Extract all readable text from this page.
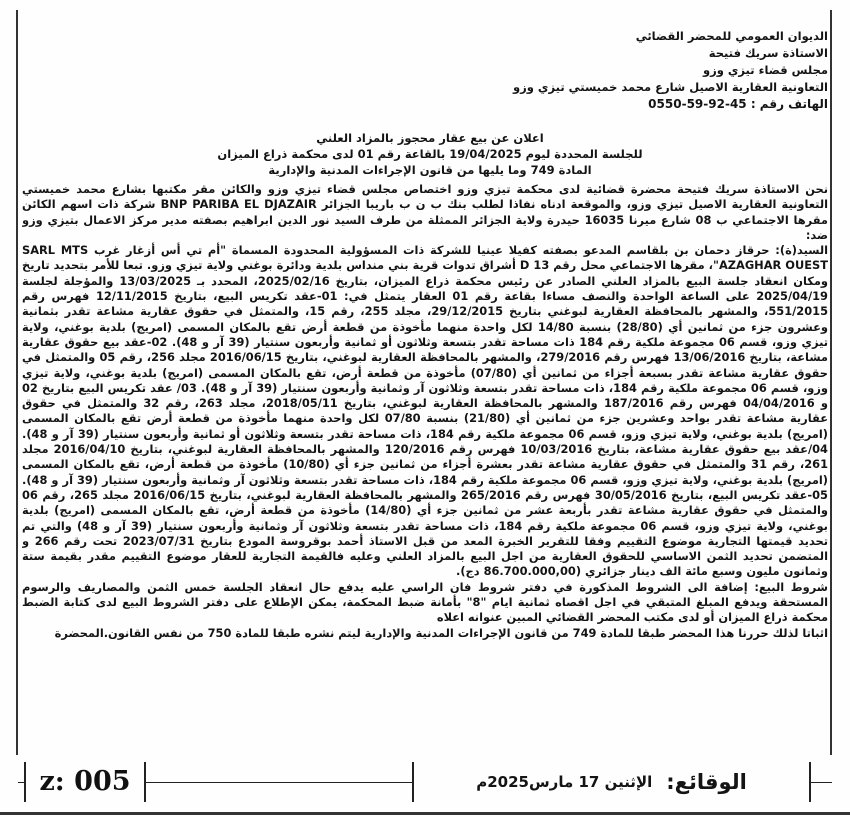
الديوان العمومي للمحضر القضائي
الاستاذة سريك فتيحة
مجلس قضاء تيزي وزو
التعاونية العقارية الاصيل شارع محمد خميستي تيزي وزو
الهاتف رقم : 45-92-59-0550
اعلان عن بيع عقار محجوز بالمزاد العلني
للجلسة المحددة ليوم 19/04/2025 بالقاعة رقم 01 لدى محكمة ذراع الميزان
المادة 749 وما يليها من قانون الإجراءات المدنية والإدارية

نحن الاستاذة سريك فتيحة محضرة قضائية لدى محكمة تيزي وزو اختصاص مجلس قضاء تيزي وزو والكائن مقر مكتبها بشارع محمد خميستي التعاونية العقارية الاصيل تيزي وزو، والموقعة ادناه نفاذا لطلب بنك ب ن ب باريبا الجزائر BNP PARIBA EL DJAZAIR شركة ذات اسهم الكائن مقرها الاجتماعي ب 08 شارع ميرنا 16035 حيدرة ولاية الجزائر الممثلة من طرف السيد نور الدين ابراهيم بصفته مدير مركز الاعمال بتيزي وزو ضد:

السيد(ة): حرقاز دحمان بن بلقاسم المدعو بصفته كفيلا عينيا للشركة ذات المسؤولية المحدودة المسماة "أم تي أس أزغار غرب SARL MTS AZAGHAR OUEST"، مقرها الاجتماعي محل رقم D 13 أشراق تدوات قرية بني منداس بلدية ودائرة بوغني ولاية تيزي وزو. تبعا للأمر بتحديد تاريخ ومكان انعقاد جلسة البيع بالمزاد العلني الصادر عن رئيس محكمة ذراع الميزان، بتاريخ 2025/02/16، المحدد بـ 13/03/2025 والمؤجلة لجلسة 2025/04/19 على الساعة الواحدة والنصف مساءا بقاعة رقم 01 العقار يتمثل في: 01-عقد تكريس البيع، بتاريخ 12/11/2015 فهرس رقم 551/2015، والمشهر بالمحافظة العقارية لبوغني بتاريخ 29/12/2015، مجلد 255، رقم 15، والمتمثل في حقوق عقارية مشاعة تقدر بثمانية وعشرون جزء من ثمانين أي (28/80) بنسبة 14/80 لكل واحدة منهما مأخوذة من قطعة أرض تقع بالمكان المسمى (امريج) بلدية بوغني، ولاية تيزي وزو، قسم 06 مجموعة ملكية رقم 184 ذات مساحة تقدر بتسعة وثلاثون أو ثمانية وأربعون سنتيار (39 آر و 48). 02-عقد بيع حقوق عقارية مشاعة، بتاريخ 13/06/2016 فهرس رقم 279/2016، والمشهر بالمحافظة العقارية لبوغني، بتاريخ 2016/06/15 مجلد 256، رقم 05 والمتمثل في حقوق عقارية مشاعة تقدر بسبعة أجزاء من ثمانين أي (07/80) مأخوذة من قطعة أرض، تقع بالمكان المسمى (امريج) بلدية بوغني، ولاية تيزي وزو، قسم 06 مجموعة ملكية رقم 184، ذات مساحة تقدر بتسعة وثلاثون آر وثمانية وأربعون سنتيار (39 آر و 48). 03/ عقد تكريس البيع بتاريخ 02 و 04/04/2016 فهرس رقم 187/2016 والمشهر بالمحافظة العقارية لبوغني، بتاريخ 2018/05/11، مجلد 263، رقم 32 والمتمثل في حقوق عقارية مشاعة تقدر بواحد وعشرين جزء من ثمانين أي (21/80) بنسبة 07/80 لكل واحدة منهما مأخوذة من قطعة أرض تقع بالمكان المسمى (امريج) بلدية بوغني، ولاية تيزي وزو، قسم 06 مجموعة ملكية رقم 184، ذات مساحة تقدر بتسعة وثلاثون أو ثمانية وأربعون سنتيار (39 آر و 48). 04/عقد بيع حقوق عقارية مشاعة، بتاريخ 10/03/2016 فهرس رقم 120/2016 والمشهر بالمحافظة العقارية لبوغني، بتاريخ 2016/04/10 مجلد 261، رقم 31 والمتمثل في حقوق عقارية مشاعة تقدر بعشرة أجزاء من ثمانين جزء أي (10/80) مأخوذة من قطعة أرض، تقع بالمكان المسمى (امريج) بلدية بوغني، ولاية تيزي وزو، قسم 06 مجموعة ملكية رقم 184، ذات مساحة تقدر بتسعة وثلاثون آر وثمانية وأربعون سنتيار (39 آر و 48). 05-عقد تكريس البيع، بتاريخ 30/05/2016 فهرس رقم 265/2016 والمشهر بالمحافظة العقارية لبوغني، بتاريخ 2016/06/15 مجلد 265، رقم 06 والمتمثل في حقوق عقارية مشاعة تقدر بأربعة عشر من ثمانين جزء أي (14/80) مأخوذة من قطعة أرض، تقع بالمكان المسمى (امريج) بلدية بوغني، ولاية تيزي وزو، قسم 06 مجموعة ملكية رقم 184، ذات مساحة تقدر بتسعة وثلاثون آر وثمانية وأربعون سنتيار (39 آر و 48) والتي تم تحديد قيمتها التجارية موضوع التقييم وفقا للتقرير الخبرة المعد من قبل الاستاذ أحمد بوقروسة المودع بتاريخ 2023/07/31 تحت رقم 266 و المتضمن تحديد الثمن الاساسي للحقوق العقارية من اجل البيع بالمزاد العلني وعليه فالقيمة التجارية للعقار موضوع التقييم مقدر بقيمة ستة وثمانون مليون وسبع مائة الف دينار جزائري (86.700.000,00 دج).

شروط البيع: إضافة الى الشروط المذكورة في دفتر شروط فان الراسي عليه يدفع حال انعقاد الجلسة خمس الثمن والمصاريف والرسوم المستحقة ويدفع المبلغ المتبقي في اجل اقصاه ثمانية ايام "8" بأمانة ضبط المحكمة، يمكن الإطلاع على دفتر الشروط البيع لدى كتابة الضبط محكمة ذراع الميزان أو لدى مكتب المحضر القضائي المبين عنوانه اعلاه

اثباتا لذلك حررنا هذا المحضر طبقا للمادة 749 من قانون الإجراءات المدنية والإدارية ليتم نشره طبقا للمادة 750 من نفس القانون.المحضرة

z: 005	الوقائع:
الإثنين 17 مارس2025م
